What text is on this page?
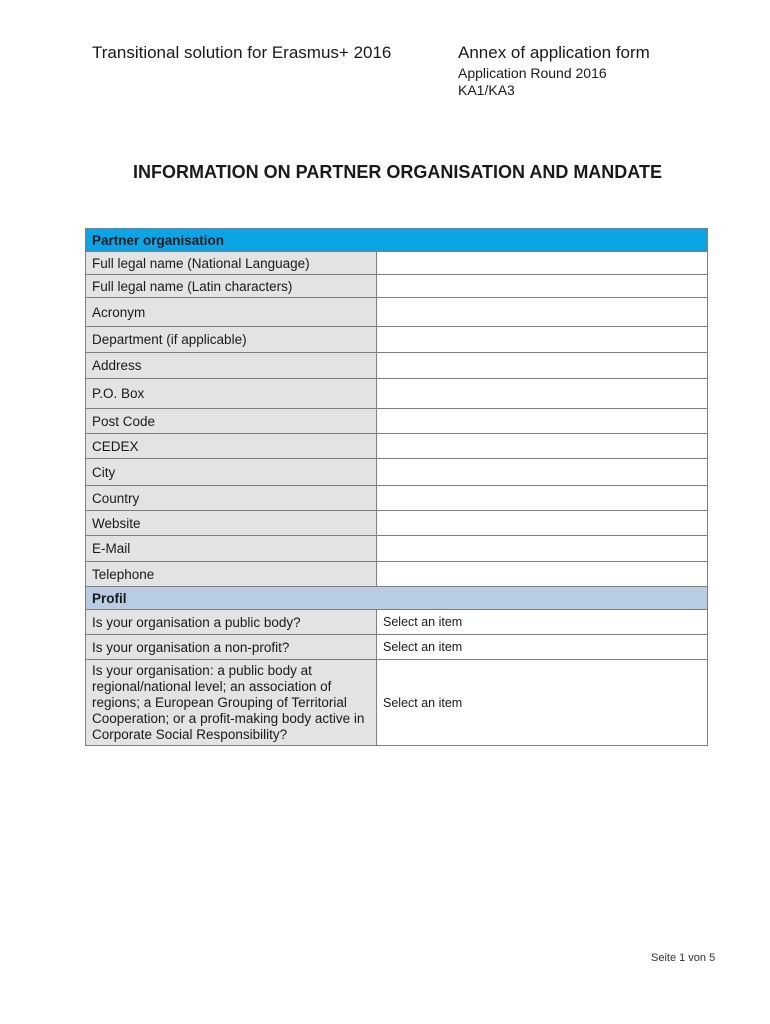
Transitional solution for Erasmus+ 2016	Annex of application form
Application Round 2016
KA1/KA3
INFORMATION ON PARTNER ORGANISATION AND MANDATE
Partner organisation	
Full legal name (National Language)	
Full legal name (Latin characters)	
Acronym	
Department (if applicable)	
Address	
P.O. Box	
Post Code	
CEDEX	
City	
Country	
Website	
E-Mail	
Telephone	
Profil	
Is your organisation a public body?	Select an item
Is your organisation a non-profit?	Select an item
Is your organisation: a public body at regional/national level; an association of regions; a European Grouping of Territorial Cooperation; or a profit-making body active in Corporate Social Responsibility?	Select an item
Seite 1 von 5
